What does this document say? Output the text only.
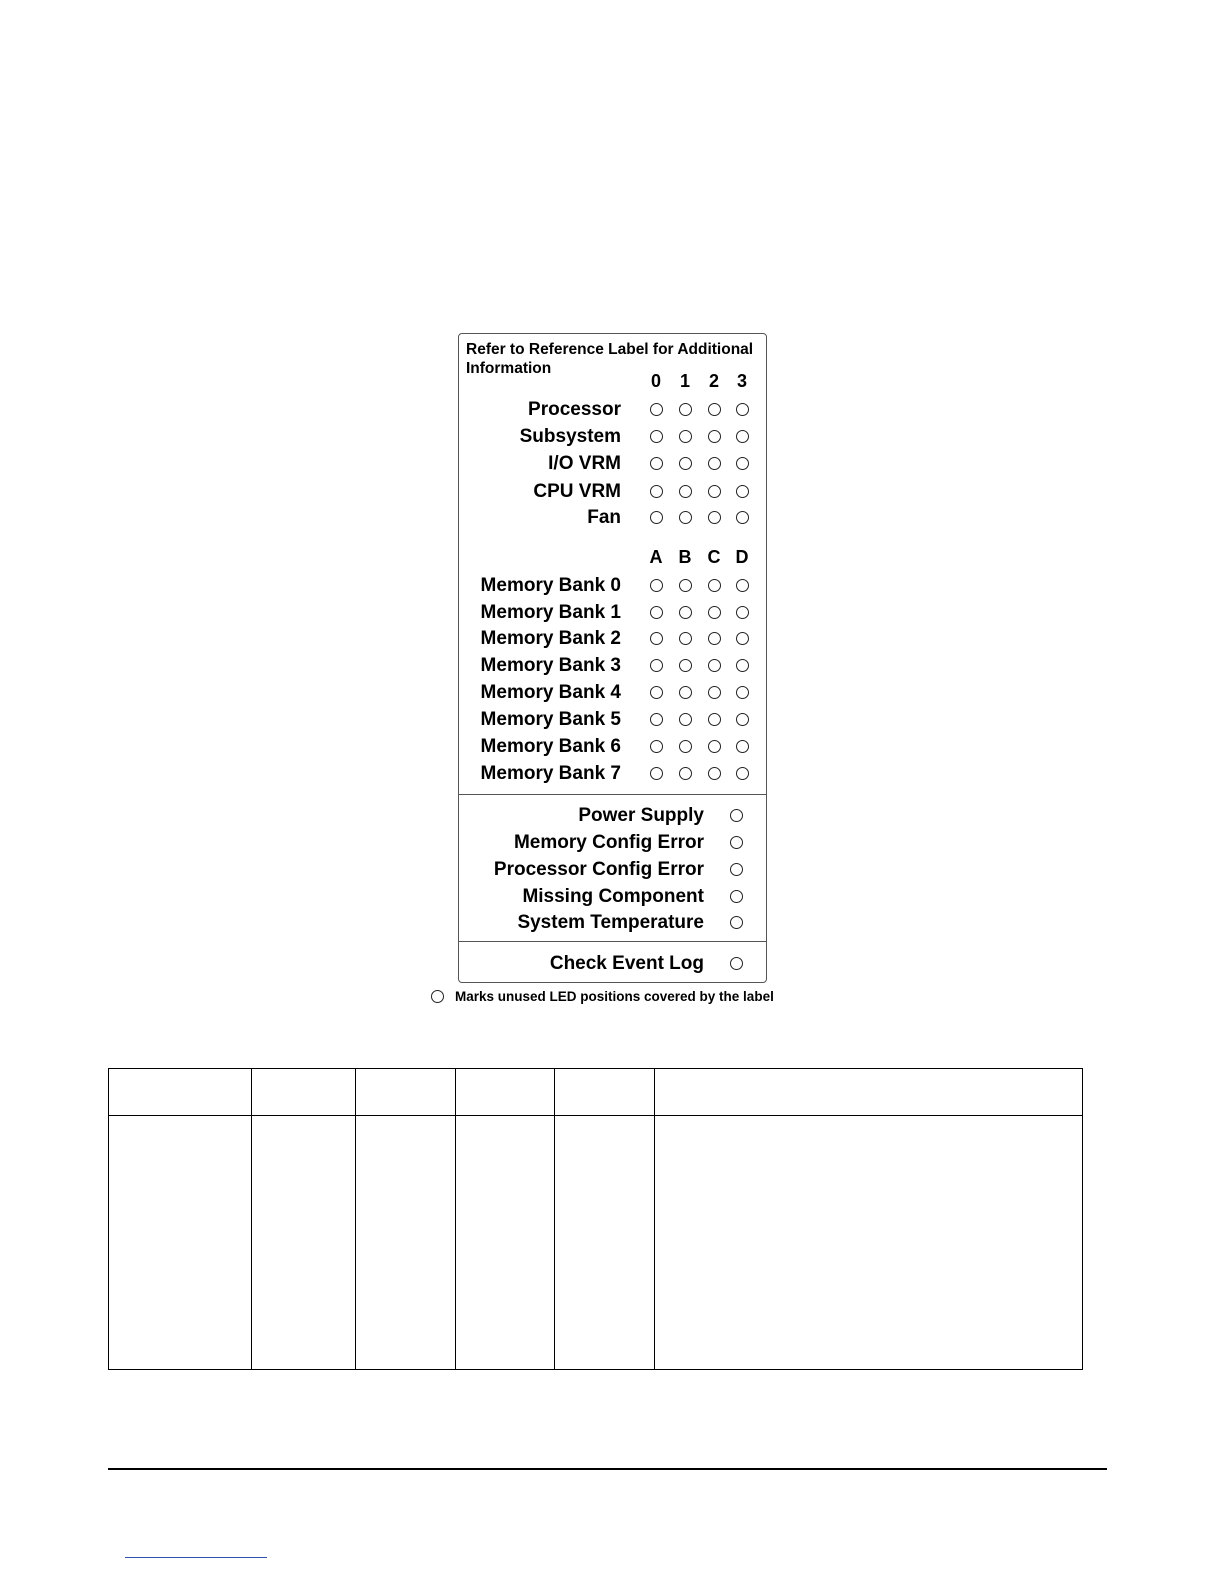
Refer to Reference Label for Additional Information
0 1 2 3
Processor
Subsystem
I/O VRM
CPU VRM
Fan
A B C D
Memory Bank 0
Memory Bank 1
Memory Bank 2
Memory Bank 3
Memory Bank 4
Memory Bank 5
Memory Bank 6
Memory Bank 7
Power Supply
Memory Config Error
Processor Config Error
Missing Component
System Temperature
Check Event Log
Marks unused LED positions covered by the label
